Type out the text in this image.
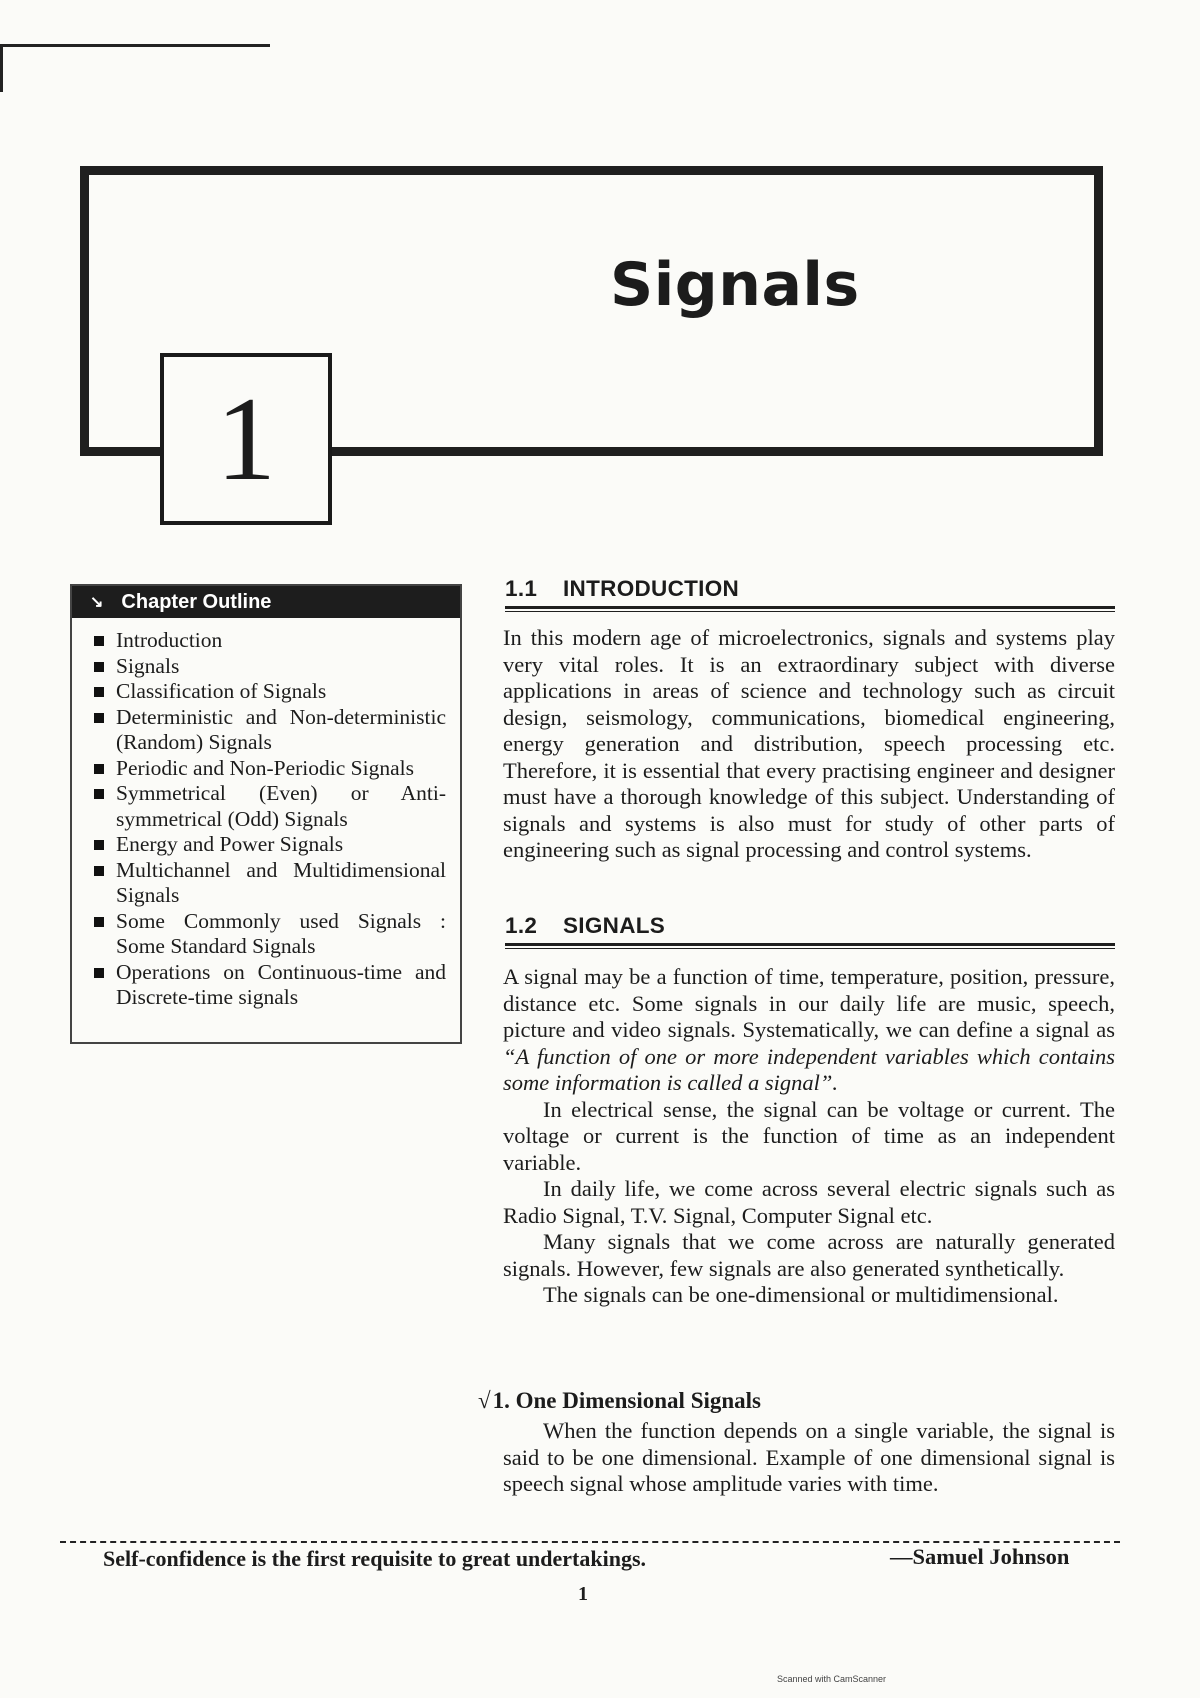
Signals
1
↘ Chapter Outline
Introduction
Signals
Classification of Signals
Deterministic and Non-deterministic (Random) Signals
Periodic and Non-Periodic Signals
Symmetrical (Even) or Anti-symmetrical (Odd) Signals
Energy and Power Signals
Multichannel and Multidimensional Signals
Some Commonly used Signals : Some Standard Signals
Operations on Continuous-time and Discrete-time signals
1.1 INTRODUCTION

In this modern age of microelectronics, signals and systems play very vital roles. It is an extraordinary subject with diverse applications in areas of science and technology such as circuit design, seismology, communications, biomedical engineering, energy generation and distribution, speech processing etc. Therefore, it is essential that every practising engineer and designer must have a thorough knowledge of this subject. Understanding of signals and systems is also must for study of other parts of engineering such as signal processing and control systems.

1.2 SIGNALS

A signal may be a function of time, temperature, position, pressure, distance etc. Some signals in our daily life are music, speech, picture and video signals. Systematically, we can define a signal as “A function of one or more independent variables which contains some information is called a signal”.

In electrical sense, the signal can be voltage or current. The voltage or current is the function of time as an independent variable.

In daily life, we come across several electric signals such as Radio Signal, T.V. Signal, Computer Signal etc.

Many signals that we come across are naturally generated signals. However, few signals are also generated synthetically.

The signals can be one-dimensional or multidimensional.

√1. One Dimensional Signals

When the function depends on a single variable, the signal is said to be one dimensional. Example of one dimensional signal is speech signal whose amplitude varies with time.

Self-confidence is the first requisite to great undertakings.	—Samuel Johnson
1
Scanned with CamScanner
